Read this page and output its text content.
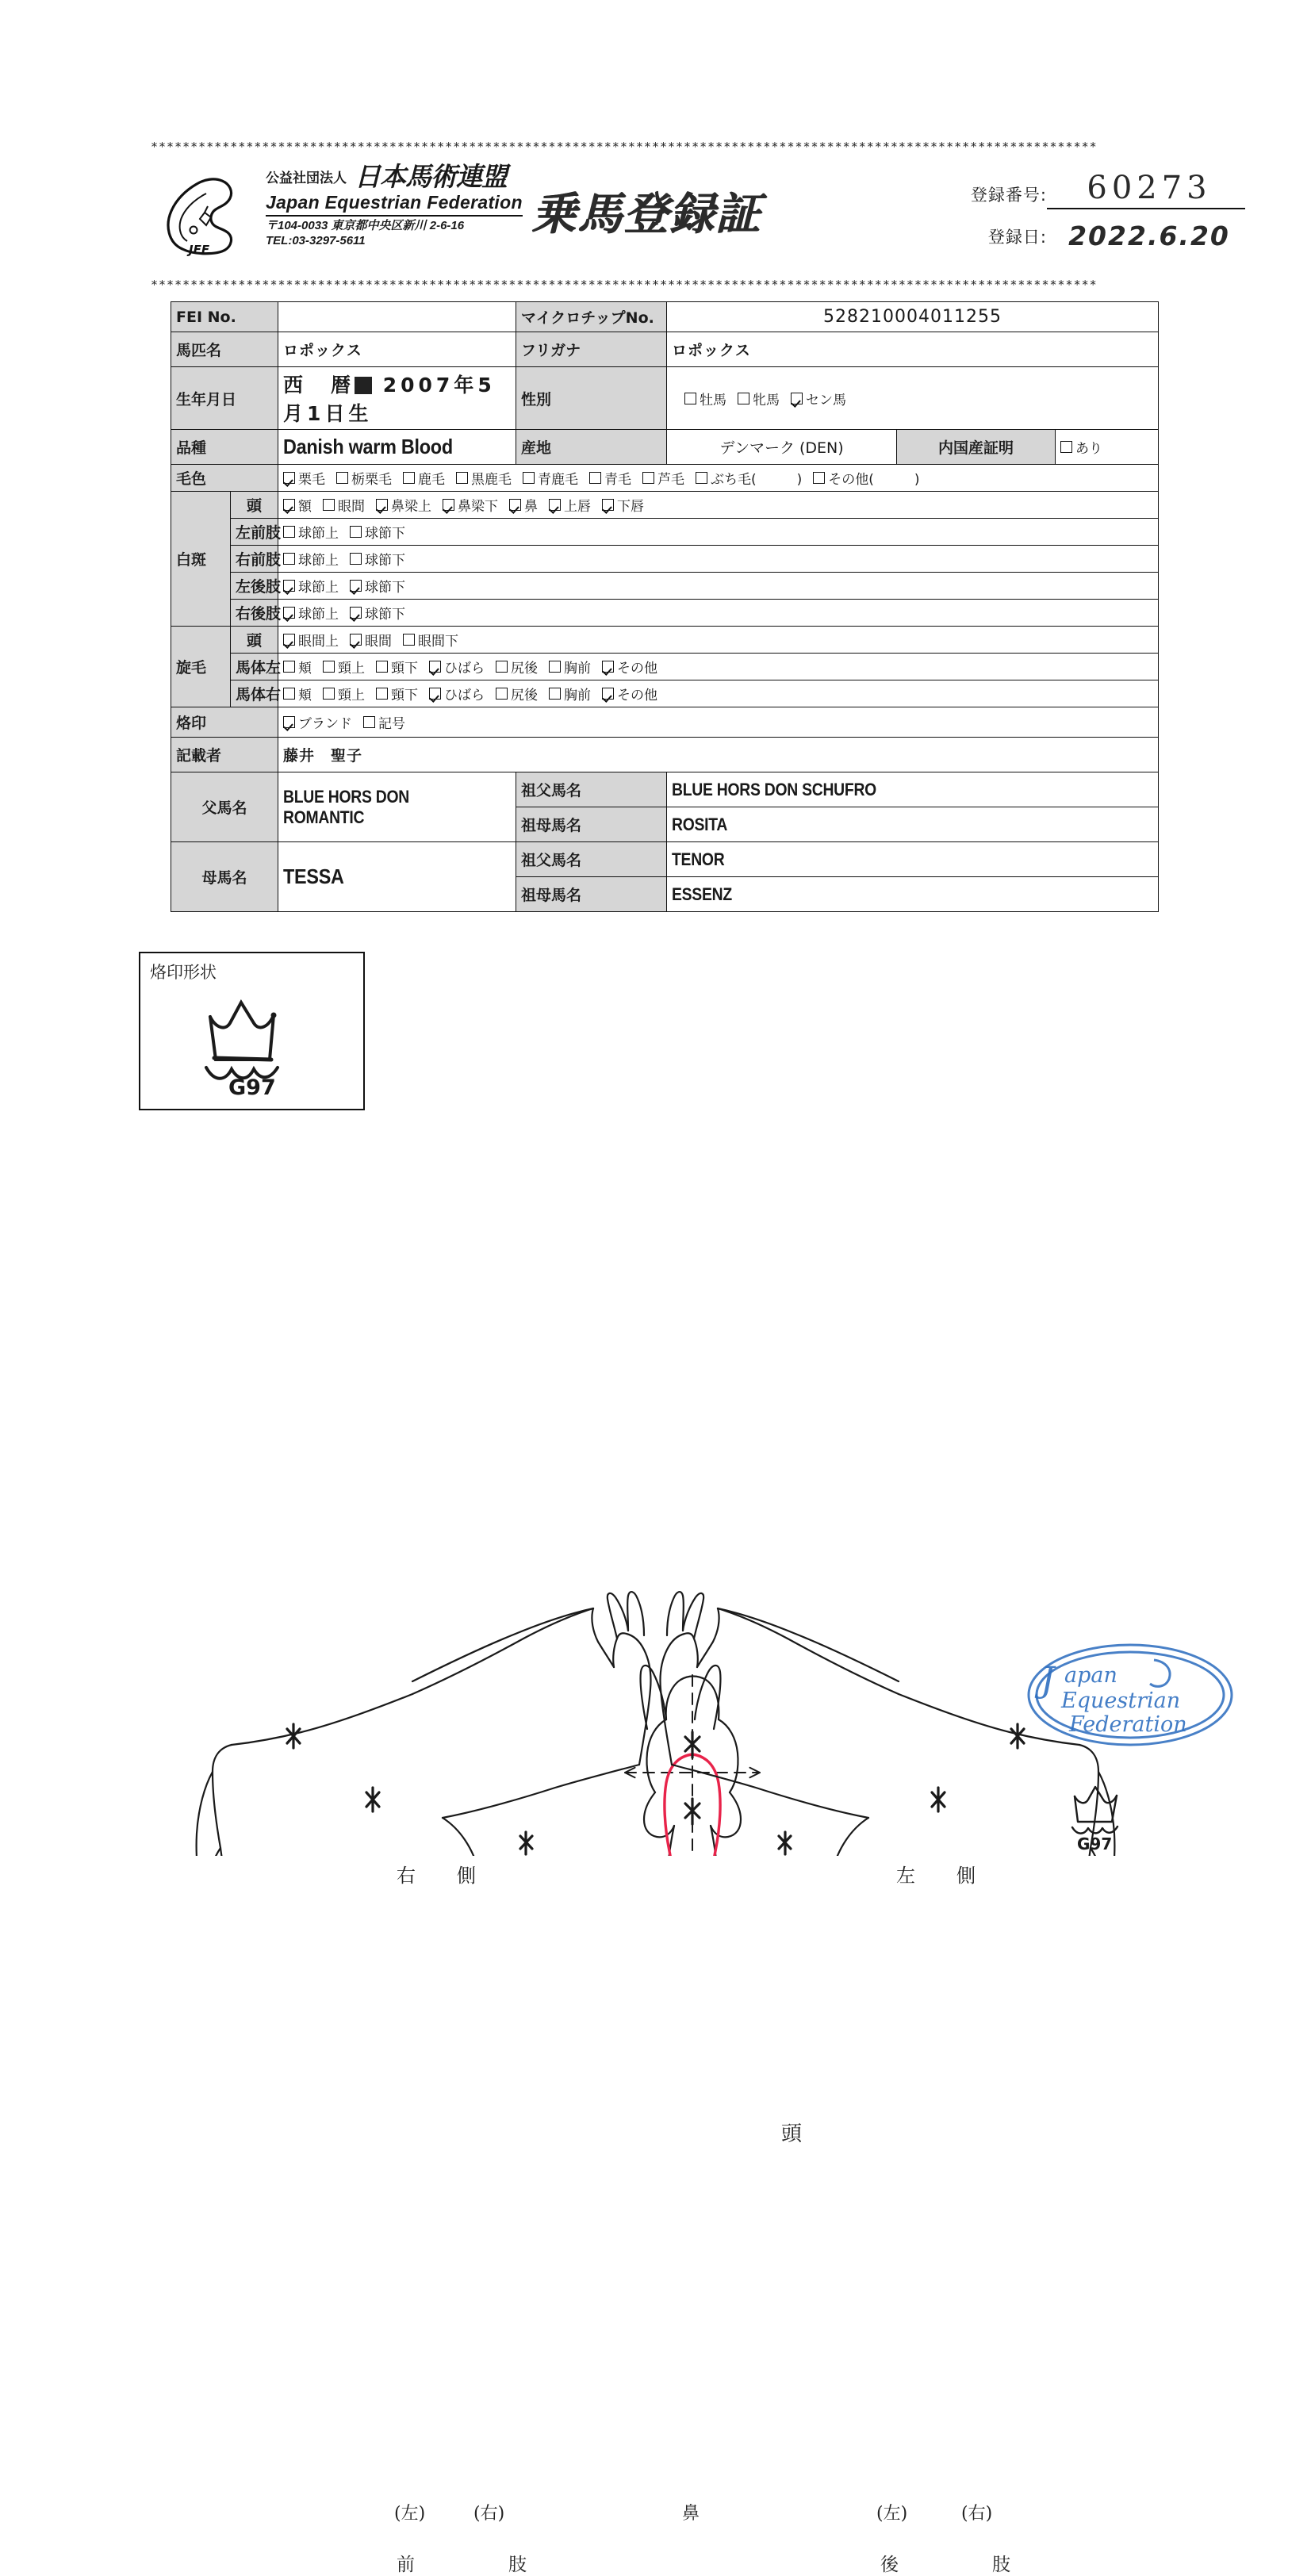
***********************************************************************************************************************
***********************************************************************************************************************
JEF
公益社団法人 日本馬術連盟
Japan Equestrian Federation
〒104-0033 東京都中央区新川 2-6-16
TEL:03-3297-5611
乗馬登録証	登録番号:	60273
登録日: 2022.6.20
FEI No.			マイクロチップNo.	528210004011255		
馬匹名		ロポックス	フリガナ	ロポックス		
生年月日		西　暦 2007年5月1日生	性別	牡馬 牝馬 セン馬		

品種		Danish warm Blood	産地	デンマーク (DEN)	内国産証明	あり

毛色	栗毛 栃栗毛 鹿毛 黒鹿毛 青鹿毛 青毛 芦毛 ぶち毛(　　　) その他(　　　)

白斑	頭	額 眼間 鼻梁上 鼻梁下 鼻 上唇 下唇

	左前肢	球節上 球節下				

	右前肢	球節上 球節下				

	左後肢	球節上 球節下				

	右後肢	球節上 球節下				

旋毛	頭	眼間上 眼間 眼間下				

馬体左	頬 頸上 頸下 ひばら 尻後 胸前 その他

馬体右	頬 頸上 頸下 ひばら 尻後 胸前 その他

烙印		ブランド 記号				

記載者		藤井　聖子				
父馬名		BLUE HORS DON ROMANTIC	祖父馬名	BLUE HORS DON SCHUFRO		
			祖母馬名	ROSITA		
母馬名		TESSA	祖父馬名	TENOR		
			祖母馬名	ESSENZ		
烙印形状
G97
右　側	左　側
頭
G97
(左)	(右)
前　　肢
鼻	(左)	(右)
後　　肢
J apan
Equestrian
Federation
